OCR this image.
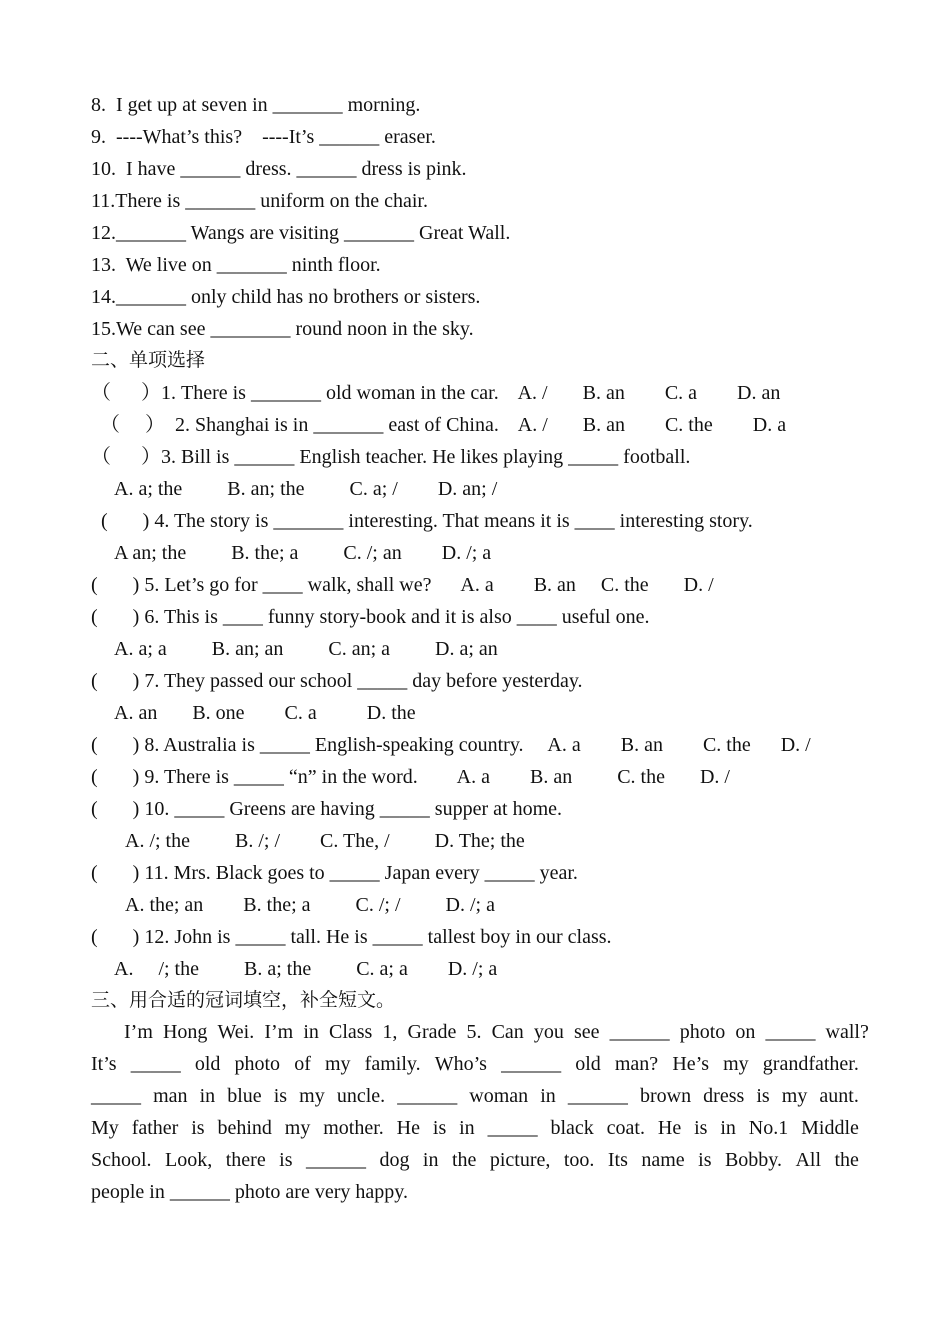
8.  I get up at seven in _______ morning.

9.  ----What’s this?    ----It’s ______ eraser.

10.  I have ______ dress. ______ dress is pink.

11.There is _______ uniform on the chair.

12._______ Wangs are visiting _______ Great Wall.

13.  We live on _______ ninth floor.

14._______ only child has no brothers or sisters.

15.We can see ________ round noon in the sky.

二、单项选择

（      ）1. There is _______ old woman in the car.    A. /       B. an        C. a        D. an

（     ）  2. Shanghai is in _______ east of China.    A. /       B. an        C. the        D. a

（      ）3. Bill is ______ English teacher. He likes playing _____ football.

A. a; the         B. an; the         C. a; /        D. an; /

(       ) 4. The story is _______ interesting. That means it is ____ interesting story.

A an; the         B. the; a         C. /; an        D. /; a

(       ) 5. Let’s go for ____ walk, shall we?      A. a        B. an     C. the       D. /

(       ) 6. This is ____ funny story-book and it is also ____ useful one.

A. a; a         B. an; an         C. an; a         D. a; an

(       ) 7. They passed our school _____ day before yesterday.

A. an       B. one        C. a          D. the

(       ) 8. Australia is _____ English-speaking country.     A. a        B. an        C. the      D. /

(       ) 9. There is _____ “n” in the word.        A. a        B. an         C. the       D. /

(       ) 10. _____ Greens are having _____ supper at home.

A. /; the         B. /; /        C. The, /         D. The; the

(       ) 11. Mrs. Black goes to _____ Japan every _____ year.

A. the; an        B. the; a         C. /; /         D. /; a

(       ) 12. John is _____ tall. He is _____ tallest boy in our class.

A.     /; the         B. a; the         C. a; a        D. /; a

三、用合适的冠词填空，补全短文。

I’m Hong Wei. I’m in Class 1, Grade 5. Can you see ______ photo on _____ wall?
It’s _____ old photo of my family. Who’s ______ old man? He’s my grandfather.
_____ man in blue is my uncle. ______ woman in ______ brown dress is my aunt.
My father is behind my mother. He is in _____ black coat. He is in No.1 Middle
School. Look, there is ______ dog in the picture, too. Its name is Bobby. All the

people in ______ photo are very happy.
